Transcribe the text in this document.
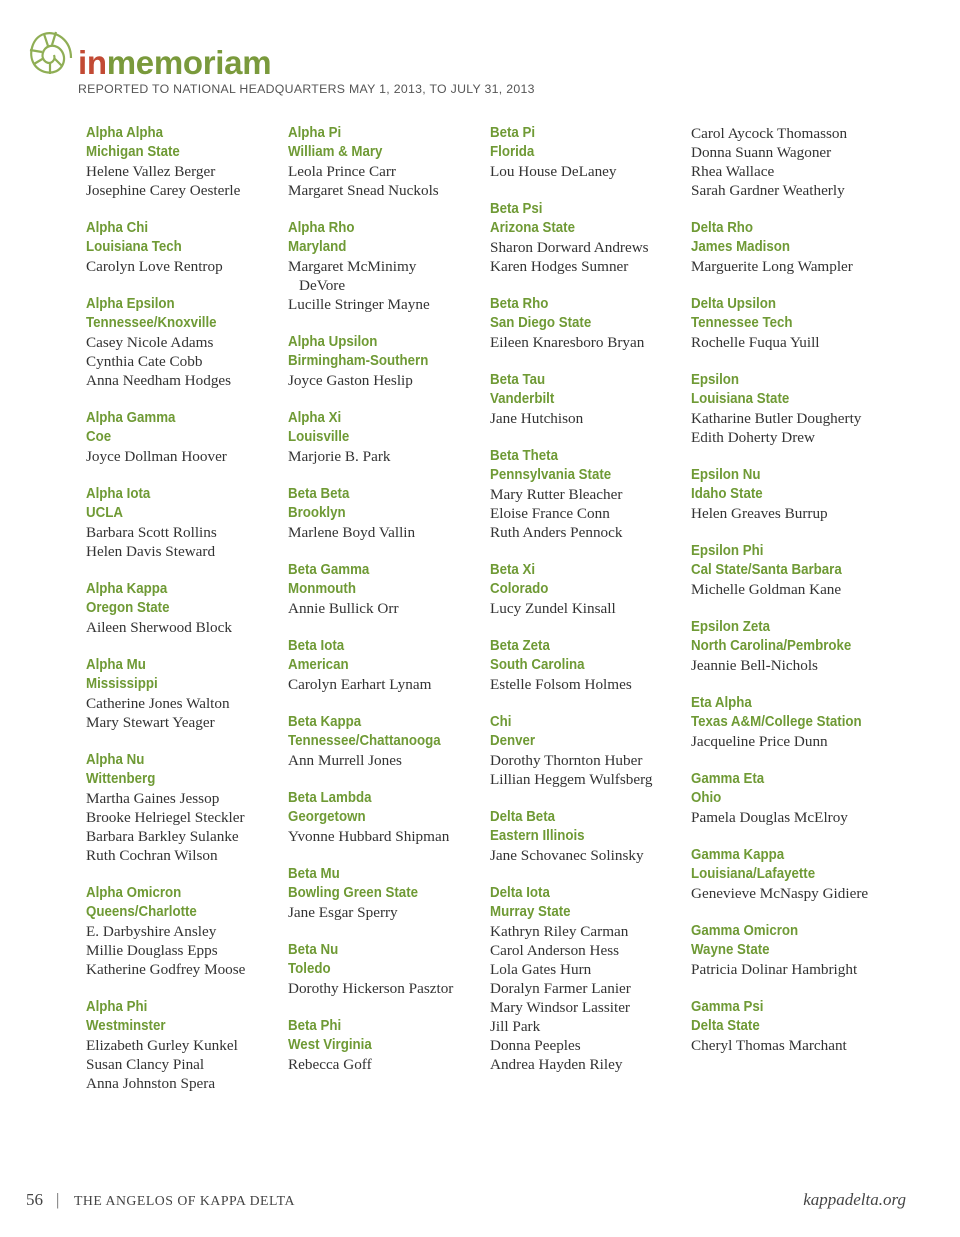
inmemoriam
REPORTED TO NATIONAL HEADQUARTERS MAY 1, 2013, TO JULY 31, 2013
Alpha Alpha
Michigan State
Helene Vallez Berger
Josephine Carey Oesterle
Alpha Chi
Louisiana Tech
Carolyn Love Rentrop
Alpha Epsilon
Tennessee/Knoxville
Casey Nicole Adams
Cynthia Cate Cobb
Anna Needham Hodges
Alpha Gamma
Coe
Joyce Dollman Hoover
Alpha Iota
UCLA
Barbara Scott Rollins
Helen Davis Steward
Alpha Kappa
Oregon State
Aileen Sherwood Block
Alpha Mu
Mississippi
Catherine Jones Walton
Mary Stewart Yeager
Alpha Nu
Wittenberg
Martha Gaines Jessop
Brooke Helriegel Steckler
Barbara Barkley Sulanke
Ruth Cochran Wilson
Alpha Omicron
Queens/Charlotte
E. Darbyshire Ansley
Millie Douglass Epps
Katherine Godfrey Moose
Alpha Phi
Westminster
Elizabeth Gurley Kunkel
Susan Clancy Pinal
Anna Johnston Spera
Alpha Pi
William & Mary
Leola Prince Carr
Margaret Snead Nuckols
Alpha Rho
Maryland
Margaret McMinimy
DeVore
Lucille Stringer Mayne
Alpha Upsilon
Birmingham-Southern
Joyce Gaston Heslip
Alpha Xi
Louisville
Marjorie B. Park
Beta Beta
Brooklyn
Marlene Boyd Vallin
Beta Gamma
Monmouth
Annie Bullick Orr
Beta Iota
American
Carolyn Earhart Lynam
Beta Kappa
Tennessee/Chattanooga
Ann Murrell Jones
Beta Lambda
Georgetown
Yvonne Hubbard Shipman
Beta Mu
Bowling Green State
Jane Esgar Sperry
Beta Nu
Toledo
Dorothy Hickerson Pasztor
Beta Phi
West Virginia
Rebecca Goff
Beta Pi
Florida
Lou House DeLaney
Beta Psi
Arizona State
Sharon Dorward Andrews
Karen Hodges Sumner
Beta Rho
San Diego State
Eileen Knaresboro Bryan
Beta Tau
Vanderbilt
Jane Hutchison
Beta Theta
Pennsylvania State
Mary Rutter Bleacher
Eloise France Conn
Ruth Anders Pennock
Beta Xi
Colorado
Lucy Zundel Kinsall
Beta Zeta
South Carolina
Estelle Folsom Holmes
Chi
Denver
Dorothy Thornton Huber
Lillian Heggem Wulfsberg
Delta Beta
Eastern Illinois
Jane Schovanec Solinsky
Delta Iota
Murray State
Kathryn Riley Carman
Carol Anderson Hess
Lola Gates Hurn
Doralyn Farmer Lanier
Mary Windsor Lassiter
Jill Park
Donna Peeples
Andrea Hayden Riley
Carol Aycock Thomasson
Donna Suann Wagoner
Rhea Wallace
Sarah Gardner Weatherly
Delta Rho
James Madison
Marguerite Long Wampler
Delta Upsilon
Tennessee Tech
Rochelle Fuqua Yuill
Epsilon
Louisiana State
Katharine Butler Dougherty
Edith Doherty Drew
Epsilon Nu
Idaho State
Helen Greaves Burrup
Epsilon Phi
Cal State/Santa Barbara
Michelle Goldman Kane
Epsilon Zeta
North Carolina/Pembroke
Jeannie Bell-Nichols
Eta Alpha
Texas A&M/College Station
Jacqueline Price Dunn
Gamma Eta
Ohio
Pamela Douglas McElroy
Gamma Kappa
Louisiana/Lafayette
Genevieve McNaspy Gidiere
Gamma Omicron
Wayne State
Patricia Dolinar Hambright
Gamma Psi
Delta State
Cheryl Thomas Marchant
56 | THE ANGELOS OF KAPPA DELTA	kappadelta.org
